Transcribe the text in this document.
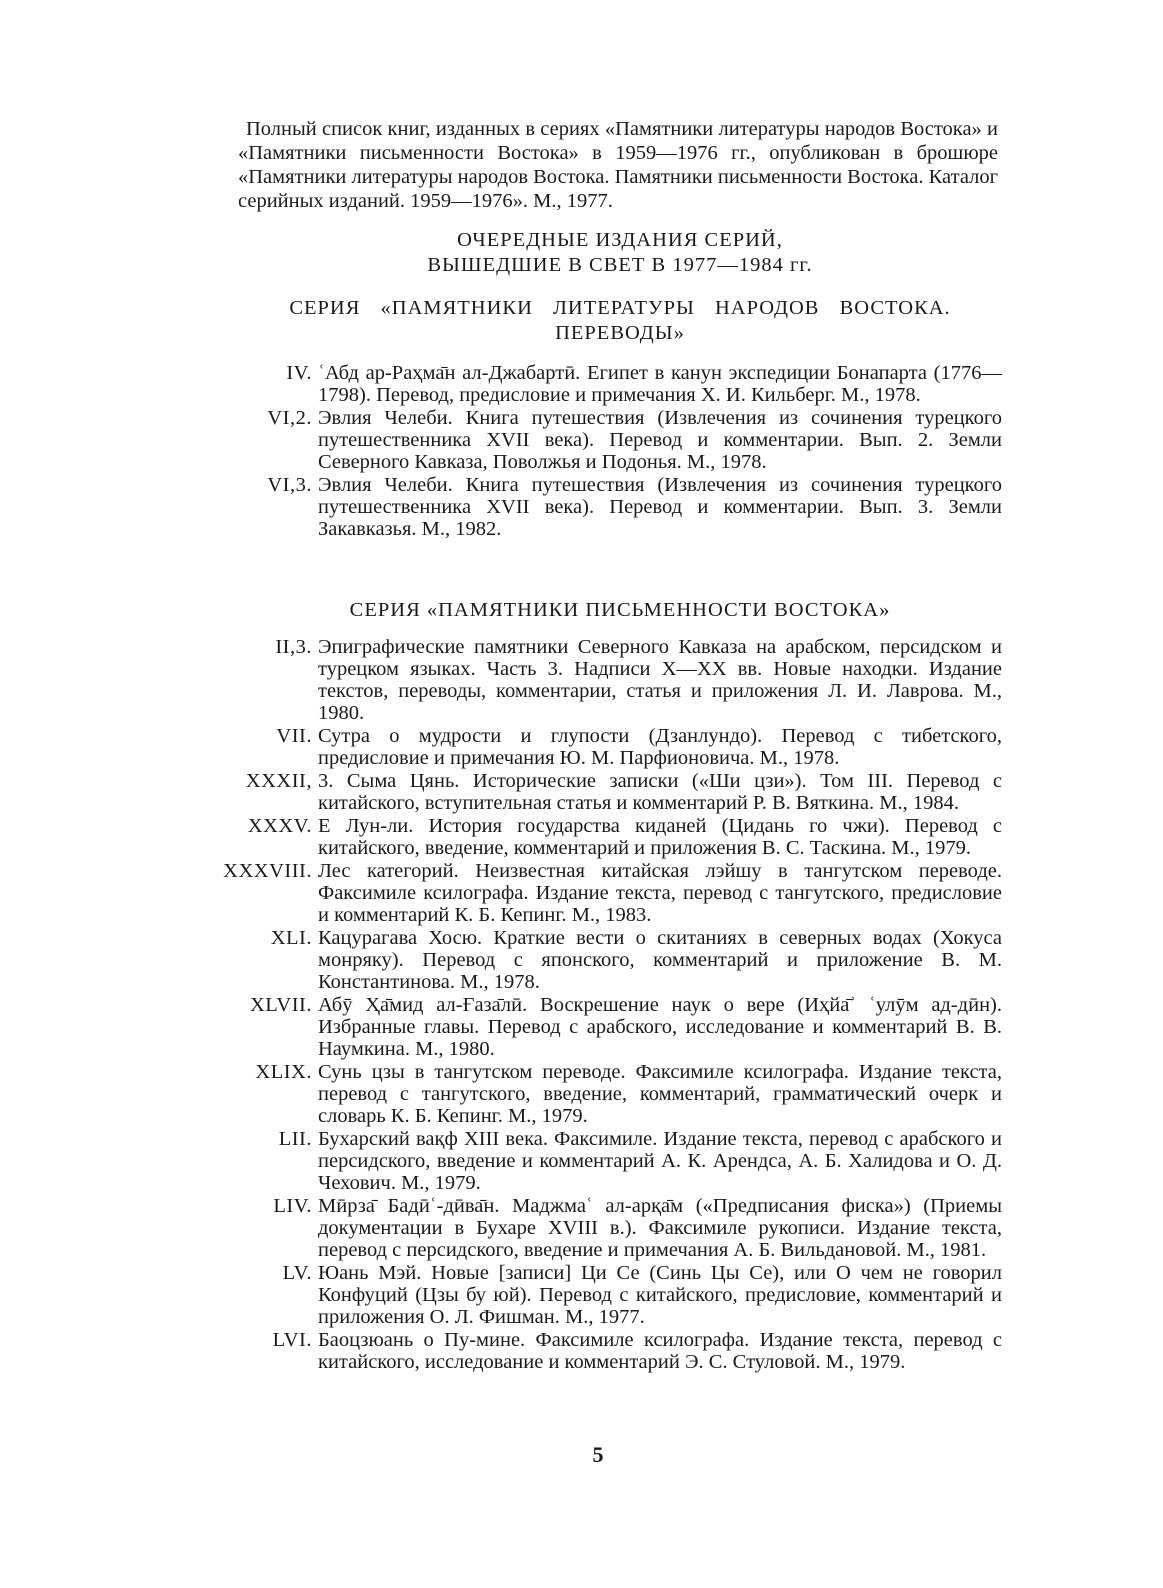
Полный список книг, изданных в сериях «Памятники литературы народов Востока» и «Памятники письменности Востока» в 1959—1976 гг., опубликован в брошюре «Памятники литературы народов Востока. Памятники письменности Востока. Каталог серийных изданий. 1959—1976». М., 1977.

ОЧЕРЕДНЫЕ ИЗДАНИЯ СЕРИЙ,
ВЫШЕДШИЕ В СВЕТ В 1977—1984 гг.
СЕРИЯ «ПАМЯТНИКИ ЛИТЕРАТУРЫ НАРОДОВ ВОСТОКА.
ПЕРЕВОДЫ»
IV. ʿАбд ар-Раҳма̄н ал-Джабартӣ. Египет в канун экспедиции Бонапарта (1776—1798). Перевод, предисловие и примечания Х. И. Кильберг. М., 1978.
VI,2. Эвлия Челеби. Книга путешествия (Извлечения из сочинения турецкого путешественника XVII века). Перевод и комментарии. Вып. 2. Земли Северного Кавказа, Поволжья и Подонья. М., 1978.
VI,3. Эвлия Челеби. Книга путешествия (Извлечения из сочинения турецкого путешественника XVII века). Перевод и комментарии. Вып. 3. Земли Закавказья. М., 1982.
СЕРИЯ «ПАМЯТНИКИ ПИСЬМЕННОСТИ ВОСТОКА»
II,3. Эпиграфические памятники Северного Кавказа на арабском, персидском и турецком языках. Часть 3. Надписи X—XX вв. Новые находки. Издание текстов, переводы, комментарии, статья и приложения Л. И. Лаврова. М., 1980.
VII. Сутра о мудрости и глупости (Дзанлундо). Перевод с тибетского, предисловие и примечания Ю. М. Парфионовича. М., 1978.
XXXII, 3. Сыма Цянь. Исторические записки («Ши цзи»). Том III. Перевод с китайского, вступительная статья и комментарий Р. В. Вяткина. М., 1984.
XXXV. Е Лун-ли. История государства киданей (Цидань го чжи). Перевод с китайского, введение, комментарий и приложения В. С. Таскина. М., 1979.
XXXVIII. Лес категорий. Неизвестная китайская лэйшу в тангутском переводе. Факсимиле ксилографа. Издание текста, перевод с тангутского, предисловие и комментарий К. Б. Кепинг. М., 1983.
XLI. Кацурагава Хосю. Краткие вести о скитаниях в северных водах (Хокуса монряку). Перевод с японского, комментарий и приложение В. М. Константинова. М., 1978.
XLVII. Абӯ Ҳа̄мид ал-Ғаза̄лӣ. Воскрешение наук о вере (Иҳйа̄ʾ ʿулӯм ад-дӣн). Избранные главы. Перевод с арабского, исследование и комментарий В. В. Наумкина. М., 1980.
XLIX. Сунь цзы в тангутском переводе. Факсимиле ксилографа. Издание текста, перевод с тангутского, введение, комментарий, грамматический очерк и словарь К. Б. Кепинг. М., 1979.
LII. Бухарский вақф XIII века. Факсимиле. Издание текста, перевод с арабского и персидского, введение и комментарий А. К. Арендса, А. Б. Халидова и О. Д. Чехович. М., 1979.
LIV. Мӣрза̄ Бадӣʿ-дӣва̄н. Маджмаʿ ал-арқа̄м («Предписания фиска») (Приемы документации в Бухаре XVIII в.). Факсимиле рукописи. Издание текста, перевод с персидского, введение и примечания А. Б. Вильдановой. М., 1981.
LV. Юань Мэй. Новые [записи] Ци Се (Синь Цы Се), или О чем не говорил Конфуций (Цзы бу юй). Перевод с китайского, предисловие, комментарий и приложения О. Л. Фишман. М., 1977.
LVI. Баоцзюань о Пу-мине. Факсимиле ксилографа. Издание текста, перевод с китайского, исследование и комментарий Э. С. Стуловой. М., 1979.
5
